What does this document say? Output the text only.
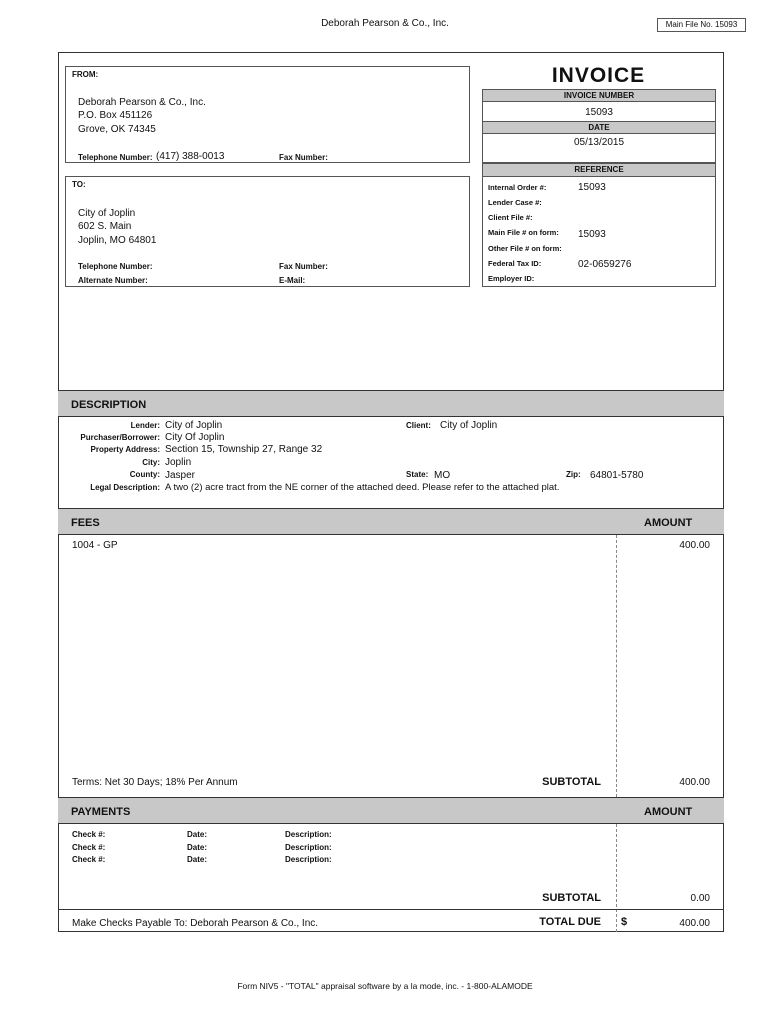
Deborah Pearson & Co., Inc.	Main File No. 15093
FROM:
Deborah Pearson & Co., Inc.
P.O. Box 451126
Grove, OK 74345
Telephone Number: (417) 388-0013	Fax Number:
TO:
City of Joplin
602 S. Main
Joplin, MO 64801
Telephone Number:	Fax Number:
Alternate Number:	E-Mail:
INVOICE
INVOICE NUMBER
15093
DATE
05/13/2015
REFERENCE
Internal Order #:	15093
Lender Case #:
Client File #:
Main File # on form: 15093
Other File # on form:
Federal Tax ID:	02-0659276
Employer ID:
DESCRIPTION
Lender: City of Joplin	Client: City of Joplin
Purchaser/Borrower: City Of Joplin
Property Address: Section 15, Township 27, Range 32
City: Joplin
County: Jasper	State: MO	Zip: 64801-5780
Legal Description: A two (2) acre tract from the NE corner of the attached deed. Please refer to the attached plat.
FEES	AMOUNT
1004 - GP	400.00
Terms: Net 30 Days; 18% Per Annum	SUBTOTAL	400.00
PAYMENTS	AMOUNT
Check #:	Date:	Description:
Check #:	Date:	Description:
Check #:	Date:	Description:
SUBTOTAL	0.00
Make Checks Payable To: Deborah Pearson & Co., Inc.	TOTAL DUE $	400.00
Form NIV5 - "TOTAL" appraisal software by a la mode, inc. - 1-800-ALAMODE
